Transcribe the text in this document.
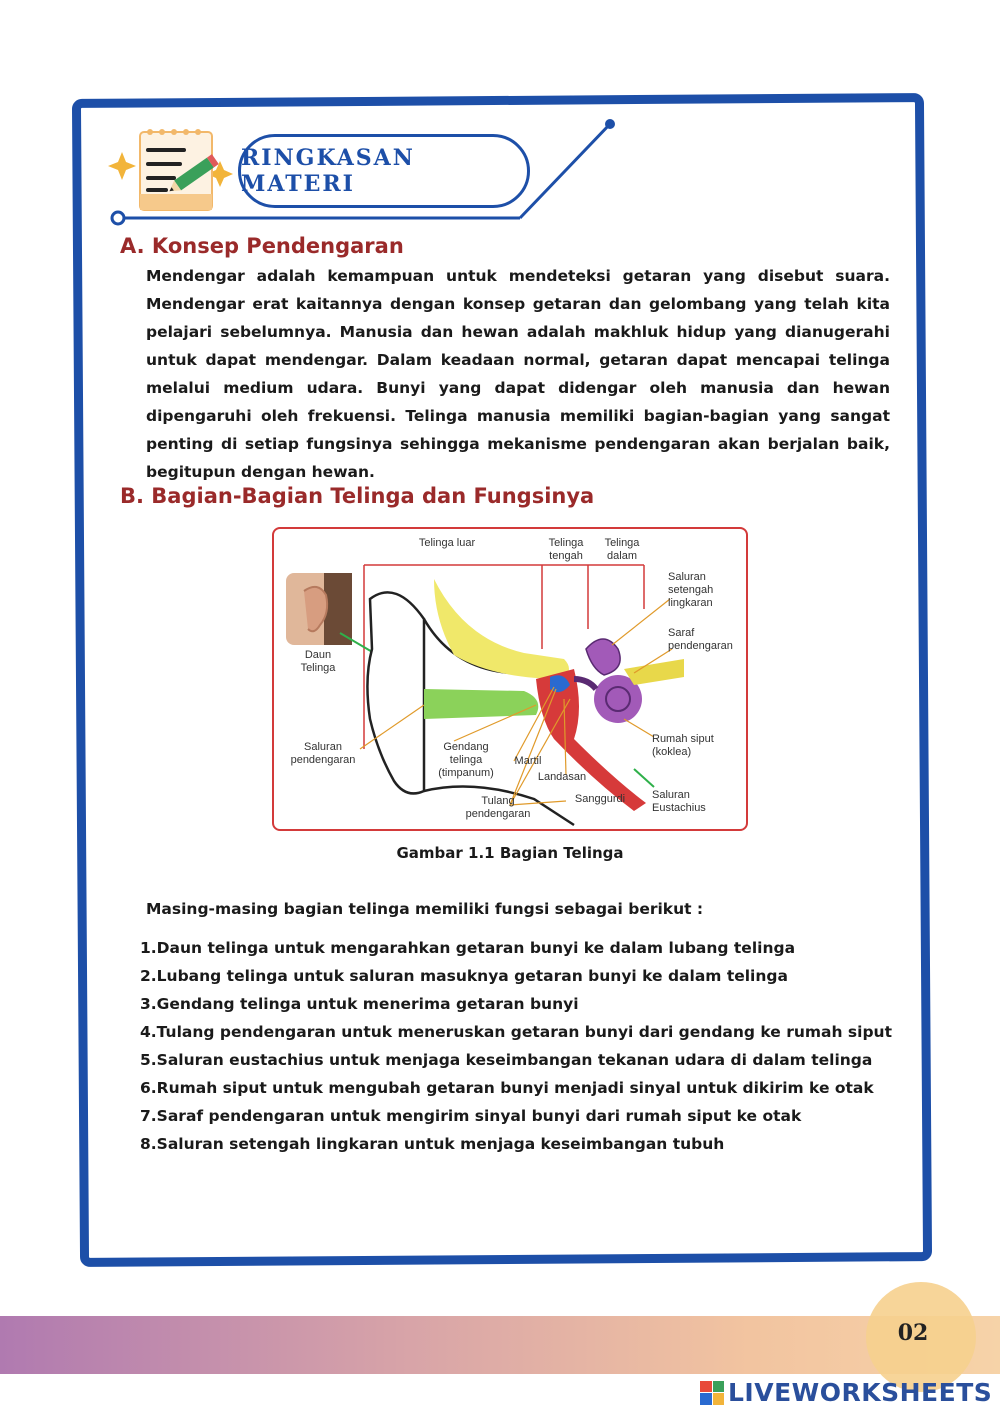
RINGKASAN MATERI
A. Konsep Pendengaran
Mendengar adalah kemampuan untuk mendeteksi getaran yang disebut suara. Mendengar erat kaitannya dengan konsep getaran dan gelombang yang telah kita pelajari sebelumnya. Manusia dan hewan adalah makhluk hidup yang dianugerahi untuk dapat mendengar. Dalam keadaan normal, getaran dapat mencapai telinga melalui medium udara. Bunyi yang dapat didengar oleh manusia dan hewan dipengaruhi oleh frekuensi. Telinga manusia memiliki bagian-bagian yang sangat penting di setiap fungsinya sehingga mekanisme pendengaran akan berjalan baik, begitupun dengan hewan.
B. Bagian-Bagian Telinga dan Fungsinya
Telinga luar	Telinga tengah
Telinga dalam
Daun Telinga
Saluran pendengaran
Gendang telinga (timpanum)
Martil
Landasan
Tulang pendengaran
Sanggurdi	Saluran Eustachius
Rumah siput (koklea)
Saraf pendengaran
Saluran setengah lingkaran
Gambar 1.1 Bagian Telinga
Masing-masing bagian telinga memiliki fungsi sebagai berikut :
1.Daun telinga untuk mengarahkan getaran bunyi ke dalam lubang telinga
2.Lubang telinga untuk saluran masuknya getaran bunyi ke dalam telinga
3.Gendang telinga untuk menerima getaran bunyi
4.Tulang pendengaran untuk meneruskan getaran bunyi dari gendang ke rumah siput
5.Saluran eustachius untuk menjaga keseimbangan tekanan udara di dalam telinga
6.Rumah siput untuk mengubah getaran bunyi menjadi sinyal untuk dikirim ke otak
7.Saraf pendengaran untuk mengirim sinyal bunyi dari rumah siput ke otak
8.Saluran setengah lingkaran untuk menjaga keseimbangan tubuh
02
LIVEWORKSHEETS
